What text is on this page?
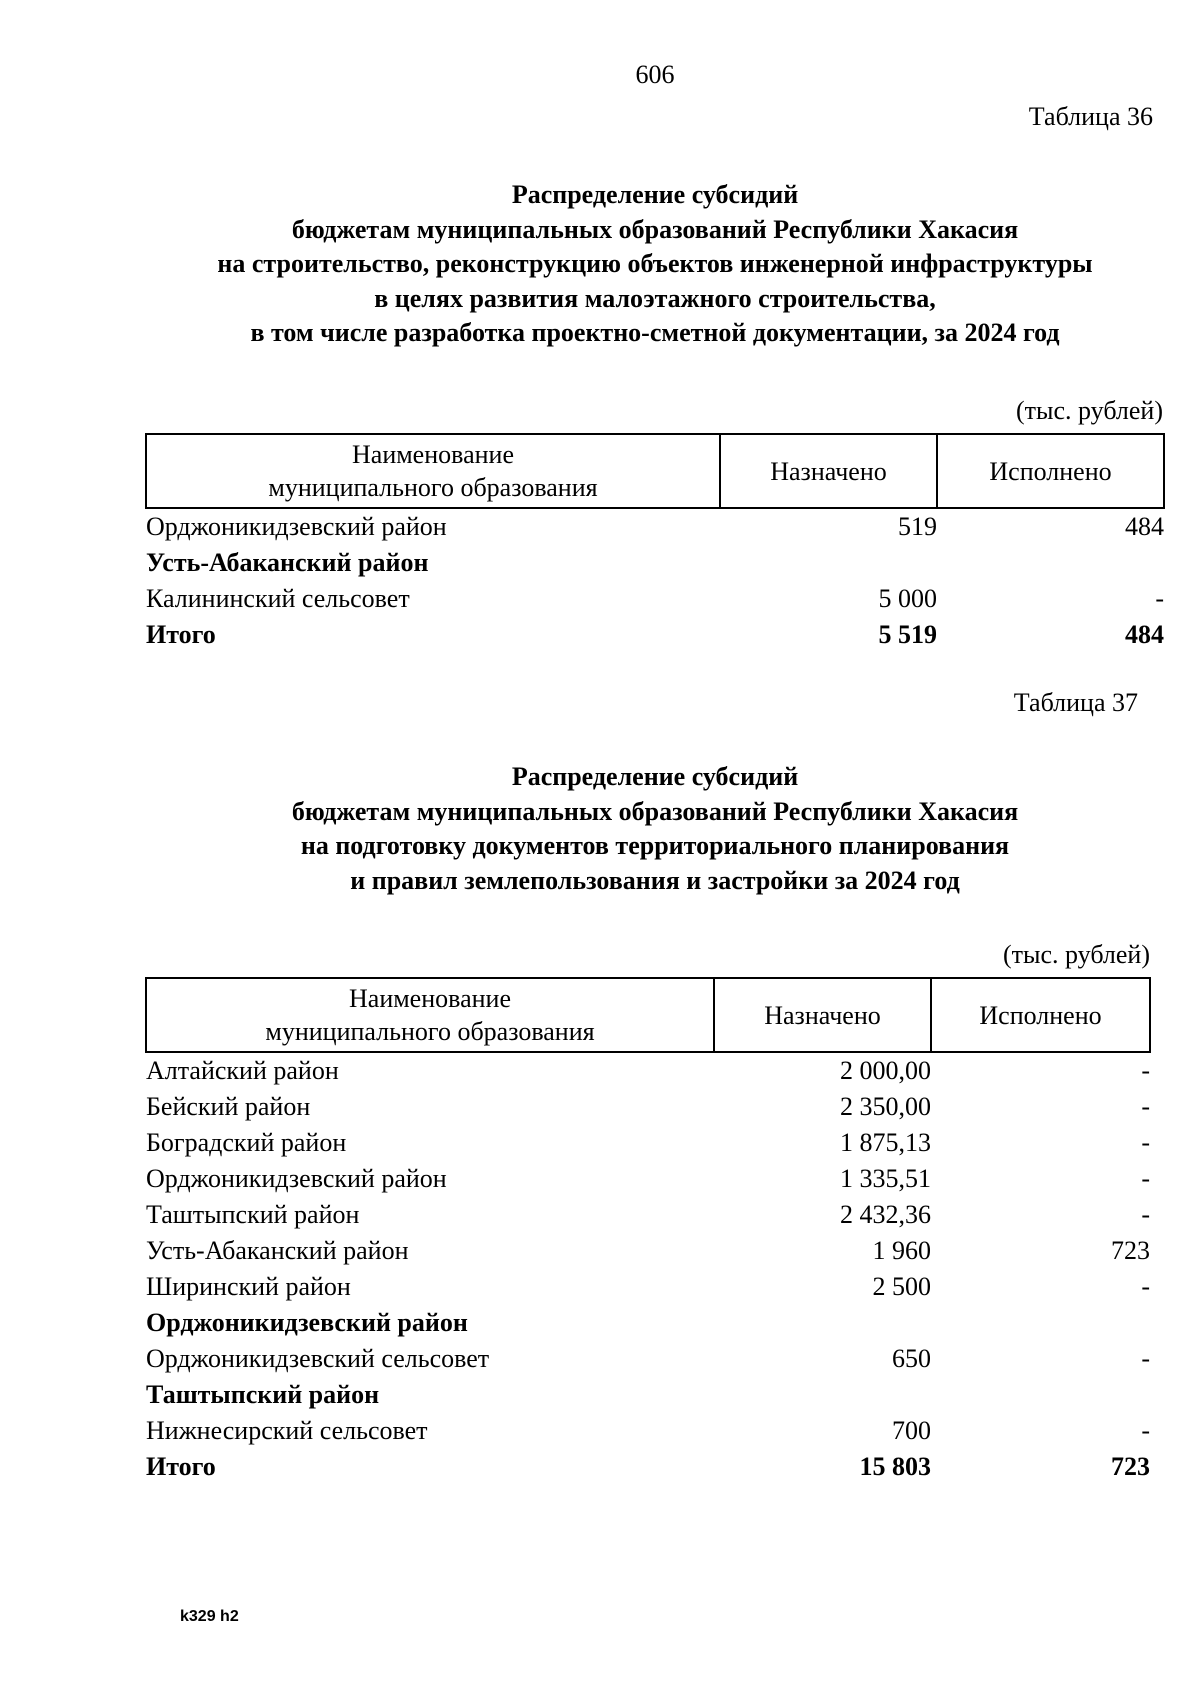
606
Таблица 36
Распределение субсидий
бюджетам муниципальных образований Республики Хакасия
на строительство, реконструкцию объектов инженерной инфраструктуры
в целях развития малоэтажного строительства,
в том числе разработка проектно-сметной документации, за 2024 год
(тыс. рублей)
Наименование
муниципального образования	Назначено	Исполнено
Орджоникидзевский район	519	484
Усть-Абаканский район		
Калининский сельсовет	5 000	-
Итого	5 519	484
Таблица 37
Распределение субсидий
бюджетам муниципальных образований Республики Хакасия
на подготовку документов территориального планирования
и правил землепользования и застройки за 2024 год
(тыс. рублей)
Наименование
муниципального образования	Назначено	Исполнено
Алтайский район	2 000,00	-
Бейский район	2 350,00	-
Боградский район	1 875,13	-
Орджоникидзевский район	1 335,51	-
Таштыпский район	2 432,36	-
Усть-Абаканский район	1 960	723
Ширинский район	2 500	-
Орджоникидзевский район		
Орджоникидзевский сельсовет	650	-
Таштыпский район		
Нижнесирский сельсовет	700	-
Итого	15 803	723
k329 h2
